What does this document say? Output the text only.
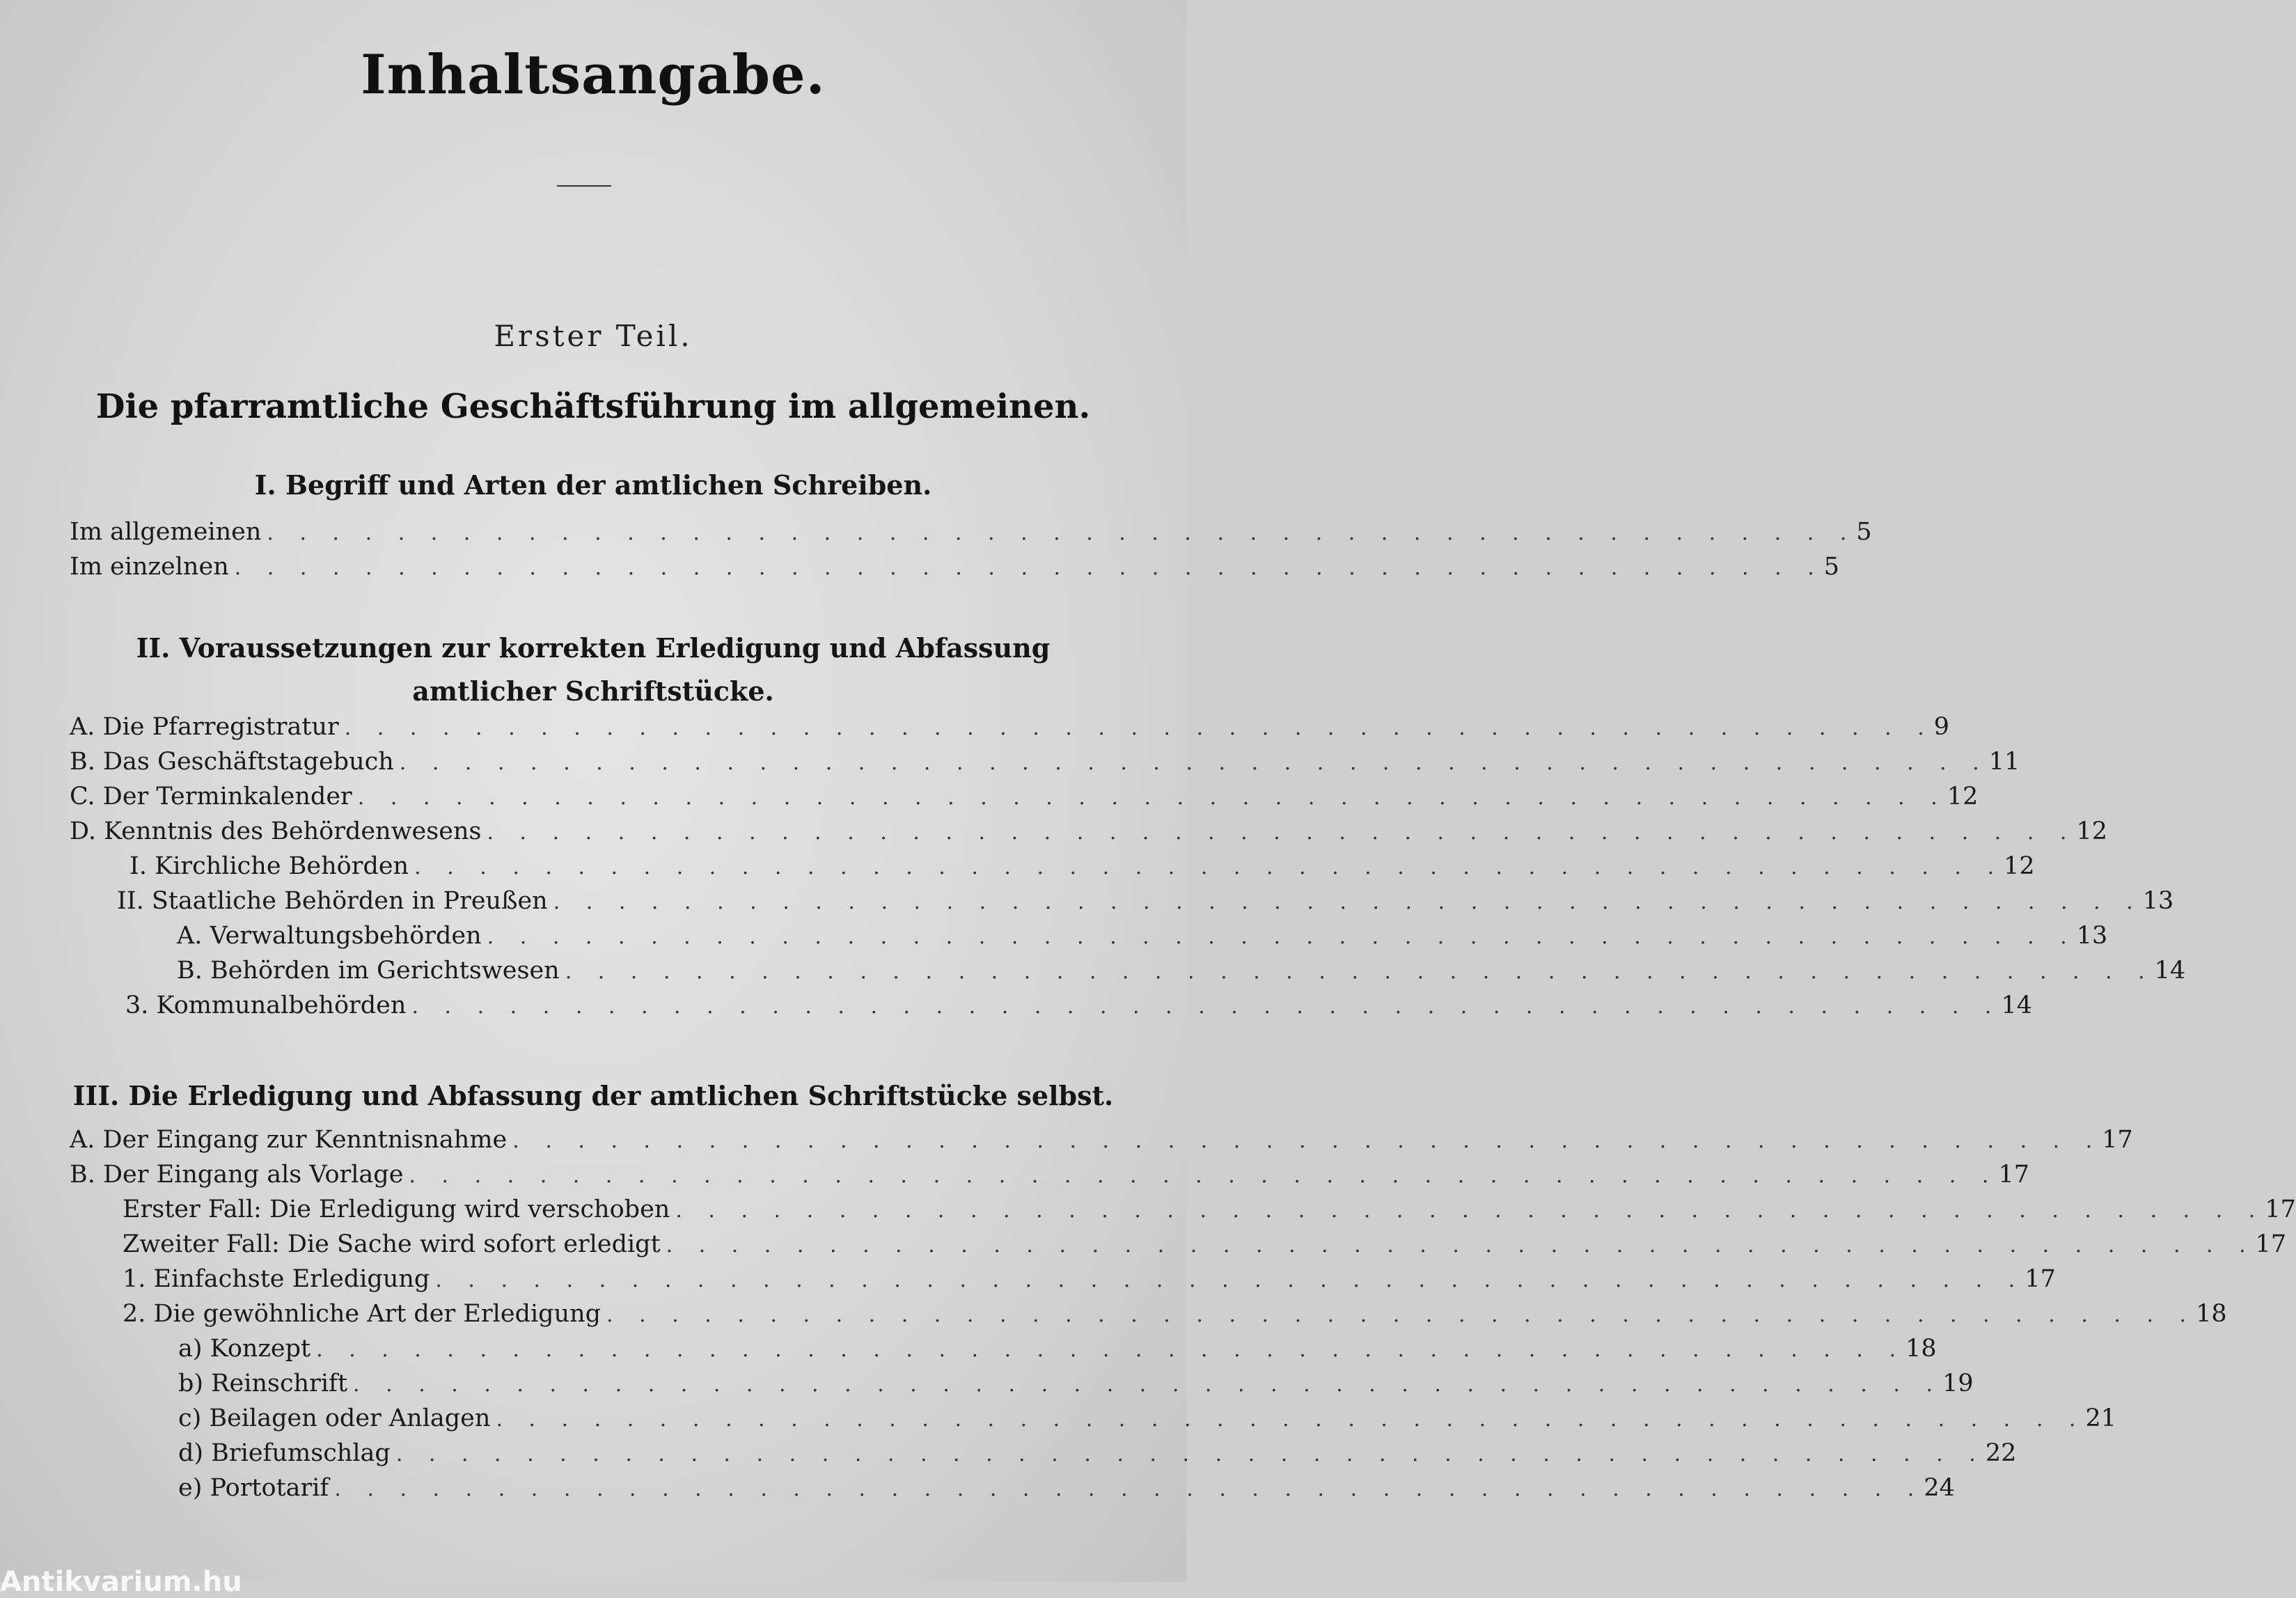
Inhaltsangabe.
Erster Teil.
Die pfarramtliche Geschäftsführung im allgemeinen.
I. Begriff und Arten der amtlichen Schreiben.
Im allgemeinen . . . . . . . . . . . . . . . . . . . . . . . . . . . . . . . . . . . . . . . . . . . . . . . . . 5
Im einzelnen . . . . . . . . . . . . . . . . . . . . . . . . . . . . . . . . . . . . . . . . . . . . . . . . . 5
II. Voraussetzungen zur korrekten Erledigung und Abfassung
amtlicher Schriftstücke.
A. Die Pfarregistratur . . . . . . . . . . . . . . . . . . . . . . . . . . . . . . . . . . . . . . . . . . . . . . . . . 9
B. Das Geschäftstagebuch . . . . . . . . . . . . . . . . . . . . . . . . . . . . . . . . . . . . . . . . . . . . . . . . . 11
C. Der Terminkalender . . . . . . . . . . . . . . . . . . . . . . . . . . . . . . . . . . . . . . . . . . . . . . . . . 12
D. Kenntnis des Behördenwesens . . . . . . . . . . . . . . . . . . . . . . . . . . . . . . . . . . . . . . . . . . . . . . . . . 12
I. Kirchliche Behörden . . . . . . . . . . . . . . . . . . . . . . . . . . . . . . . . . . . . . . . . . . . . . . . . . 12
II. Staatliche Behörden in Preußen . . . . . . . . . . . . . . . . . . . . . . . . . . . . . . . . . . . . . . . . . . . . . . . . . 13
A. Verwaltungsbehörden . . . . . . . . . . . . . . . . . . . . . . . . . . . . . . . . . . . . . . . . . . . . . . . . . 13
B. Behörden im Gerichtswesen . . . . . . . . . . . . . . . . . . . . . . . . . . . . . . . . . . . . . . . . . . . . . . . . . 14
3. Kommunalbehörden . . . . . . . . . . . . . . . . . . . . . . . . . . . . . . . . . . . . . . . . . . . . . . . . . 14
III. Die Erledigung und Abfassung der amtlichen Schriftstücke selbst.
A. Der Eingang zur Kenntnisnahme . . . . . . . . . . . . . . . . . . . . . . . . . . . . . . . . . . . . . . . . . . . . . . . . . 17
B. Der Eingang als Vorlage . . . . . . . . . . . . . . . . . . . . . . . . . . . . . . . . . . . . . . . . . . . . . . . . . 17
Erster Fall: Die Erledigung wird verschoben . . . . . . . . . . . . . . . . . . . . . . . . . . . . . . . . . . . . . . . . . . . . . . . . . 17
Zweiter Fall: Die Sache wird sofort erledigt . . . . . . . . . . . . . . . . . . . . . . . . . . . . . . . . . . . . . . . . . . . . . . . . . 17
1. Einfachste Erledigung . . . . . . . . . . . . . . . . . . . . . . . . . . . . . . . . . . . . . . . . . . . . . . . . . 17
2. Die gewöhnliche Art der Erledigung . . . . . . . . . . . . . . . . . . . . . . . . . . . . . . . . . . . . . . . . . . . . . . . . . 18
a) Konzept . . . . . . . . . . . . . . . . . . . . . . . . . . . . . . . . . . . . . . . . . . . . . . . . . 18
b) Reinschrift . . . . . . . . . . . . . . . . . . . . . . . . . . . . . . . . . . . . . . . . . . . . . . . . . 19
c) Beilagen oder Anlagen . . . . . . . . . . . . . . . . . . . . . . . . . . . . . . . . . . . . . . . . . . . . . . . . . 21
d) Briefumschlag . . . . . . . . . . . . . . . . . . . . . . . . . . . . . . . . . . . . . . . . . . . . . . . . . 22
e) Portotarif . . . . . . . . . . . . . . . . . . . . . . . . . . . . . . . . . . . . . . . . . . . . . . . . . 24
Antikvarium.hu
